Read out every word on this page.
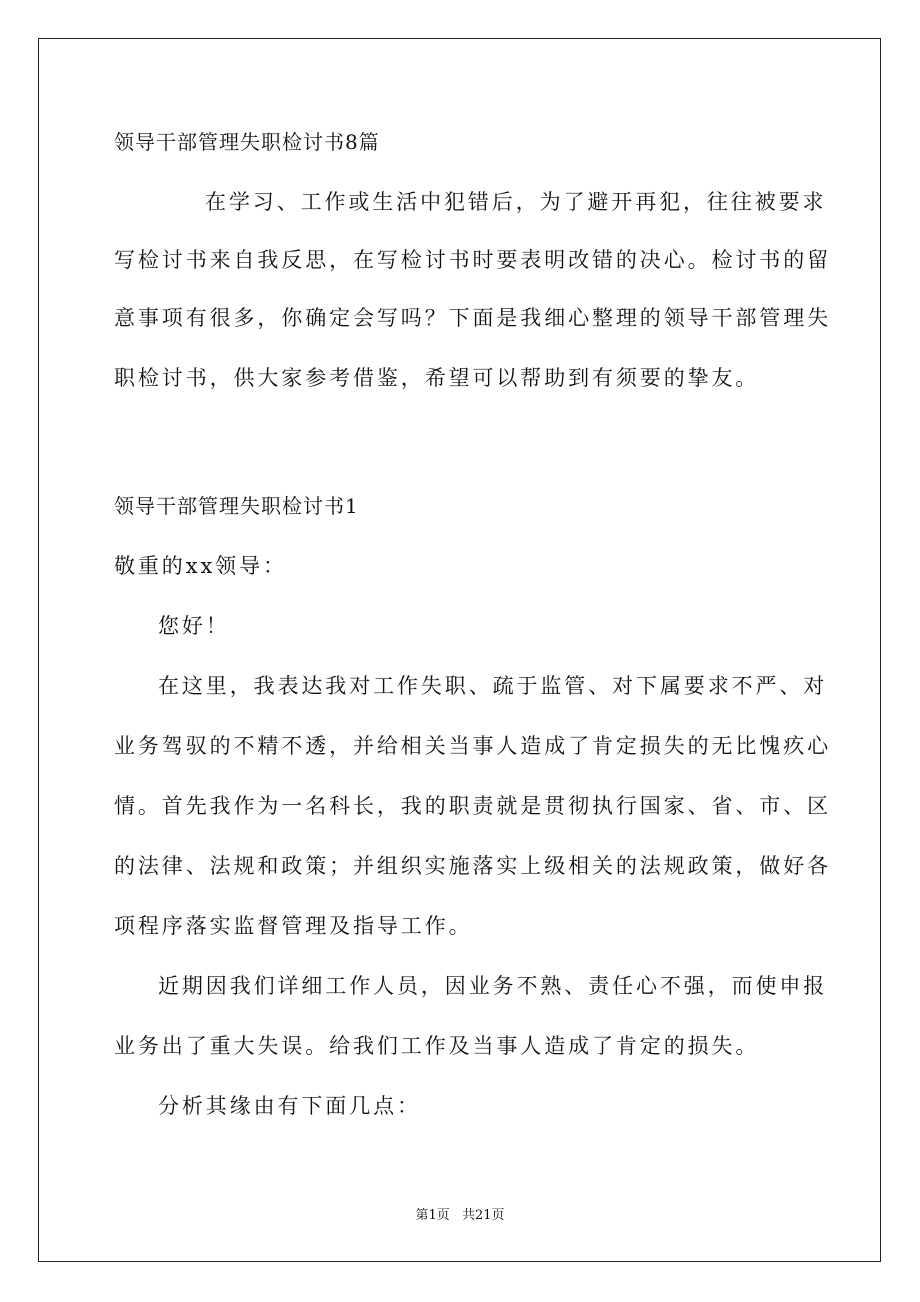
领导干部管理失职检讨书8篇
在学习、工作或生活中犯错后，为了避开再犯，往往被要求
写检讨书来自我反思，在写检讨书时要表明改错的决心。检讨书的留
意事项有很多，你确定会写吗？下面是我细心整理的领导干部管理失
职检讨书，供大家参考借鉴，希望可以帮助到有须要的挚友。
领导干部管理失职检讨书1
敬重的xx领导：
您好！
在这里，我表达我对工作失职、疏于监管、对下属要求不严、对
业务驾驭的不精不透，并给相关当事人造成了肯定损失的无比愧疚心
情。首先我作为一名科长，我的职责就是贯彻执行国家、省、市、区
的法律、法规和政策；并组织实施落实上级相关的法规政策，做好各
项程序落实监督管理及指导工作。
近期因我们详细工作人员，因业务不熟、责任心不强，而使申报
业务出了重大失误。给我们工作及当事人造成了肯定的损失。
分析其缘由有下面几点：
第1页 共21页
